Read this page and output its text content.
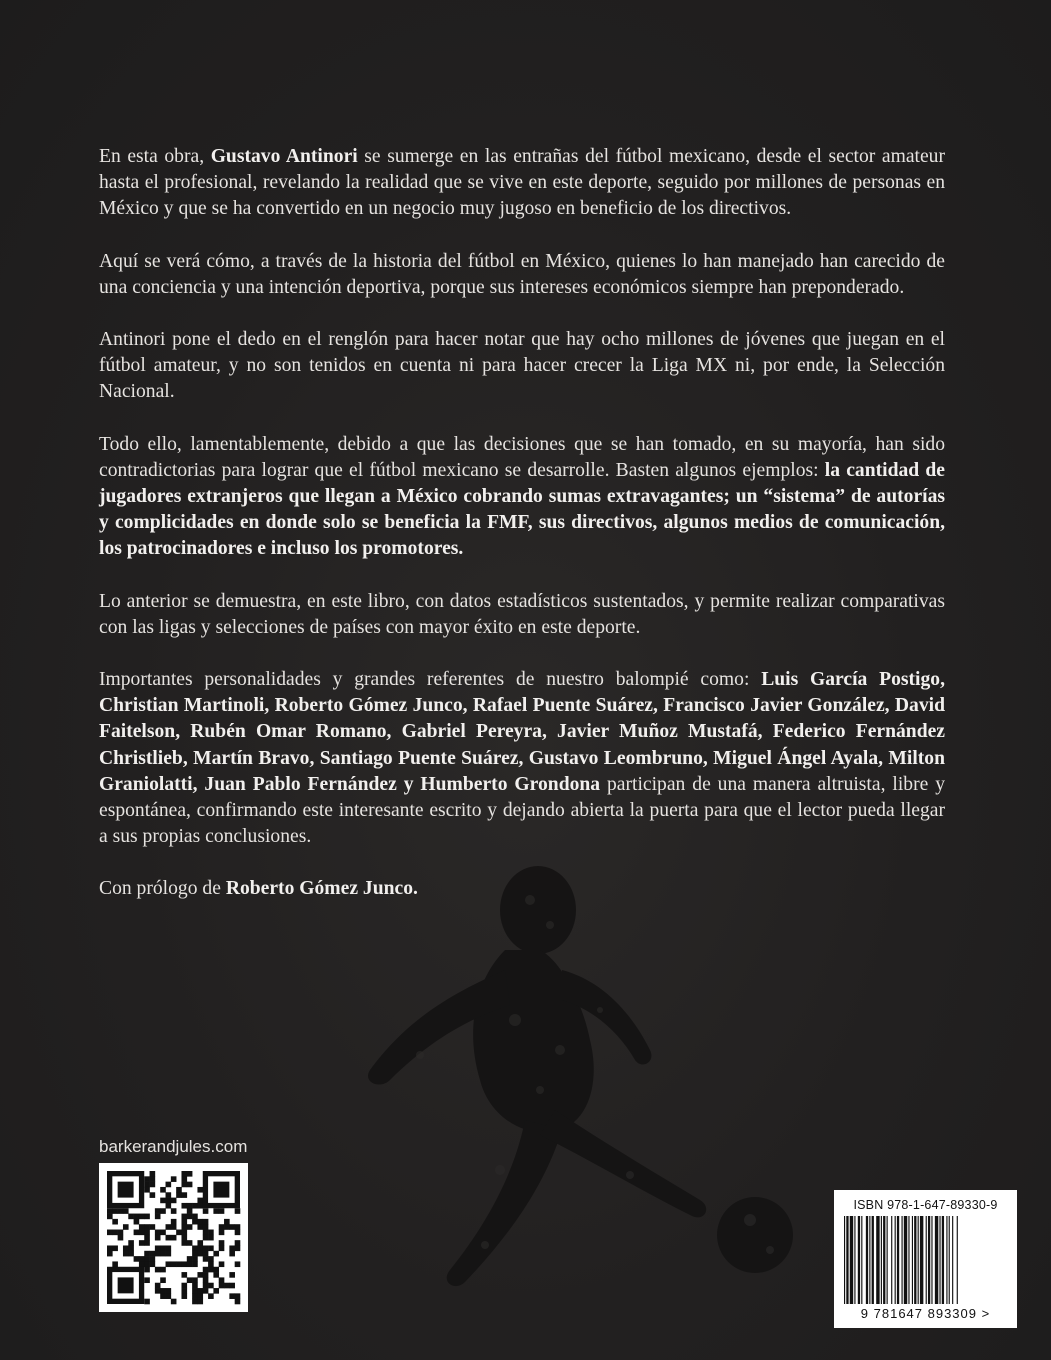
En esta obra, Gustavo Antinori se sumerge en las entrañas del fútbol mexicano, desde el sector amateur hasta el profesional, revelando la realidad que se vive en este deporte, seguido por millones de personas en México y que se ha convertido en un negocio muy jugoso en beneficio de los directivos.

Aquí se verá cómo, a través de la historia del fútbol en México, quienes lo han manejado han carecido de una conciencia y una intención deportiva, porque sus intereses económicos siempre han preponderado.

Antinori pone el dedo en el renglón para hacer notar que hay ocho millones de jóvenes que juegan en el fútbol amateur, y no son tenidos en cuenta ni para hacer crecer la Liga MX ni, por ende, la Selección Nacional.

Todo ello, lamentablemente, debido a que las decisiones que se han tomado, en su mayoría, han sido contradictorias para lograr que el fútbol mexicano se desarrolle. Basten algunos ejemplos: la cantidad de jugadores extranjeros que llegan a México cobrando sumas extravagantes; un “sistema” de autorías y complicidades en donde solo se beneficia la FMF, sus directivos, algunos medios de comunicación, los patrocinadores e incluso los promotores.

Lo anterior se demuestra, en este libro, con datos estadísticos sustentados, y permite realizar comparativas con las ligas y selecciones de países con mayor éxito en este deporte.

Importantes personalidades y grandes referentes de nuestro balompié como: Luis García Postigo, Christian Martinoli, Roberto Gómez Junco, Rafael Puente Suárez, Francisco Javier González, David Faitelson, Rubén Omar Romano, Gabriel Pereyra, Javier Muñoz Mustafá, Federico Fernández Christlieb, Martín Bravo, Santiago Puente Suárez, Gustavo Leombruno, Miguel Ángel Ayala, Milton Graniolatti, Juan Pablo Fernández y Humberto Grondona participan de una manera altruista, libre y espontánea, confirmando este interesante escrito y dejando abierta la puerta para que el lector pueda llegar a sus propias conclusiones.

Con prólogo de Roberto Gómez Junco.

barkerandjules.com
ISBN 978-1-647-89330-9
9 781647 893309 >
